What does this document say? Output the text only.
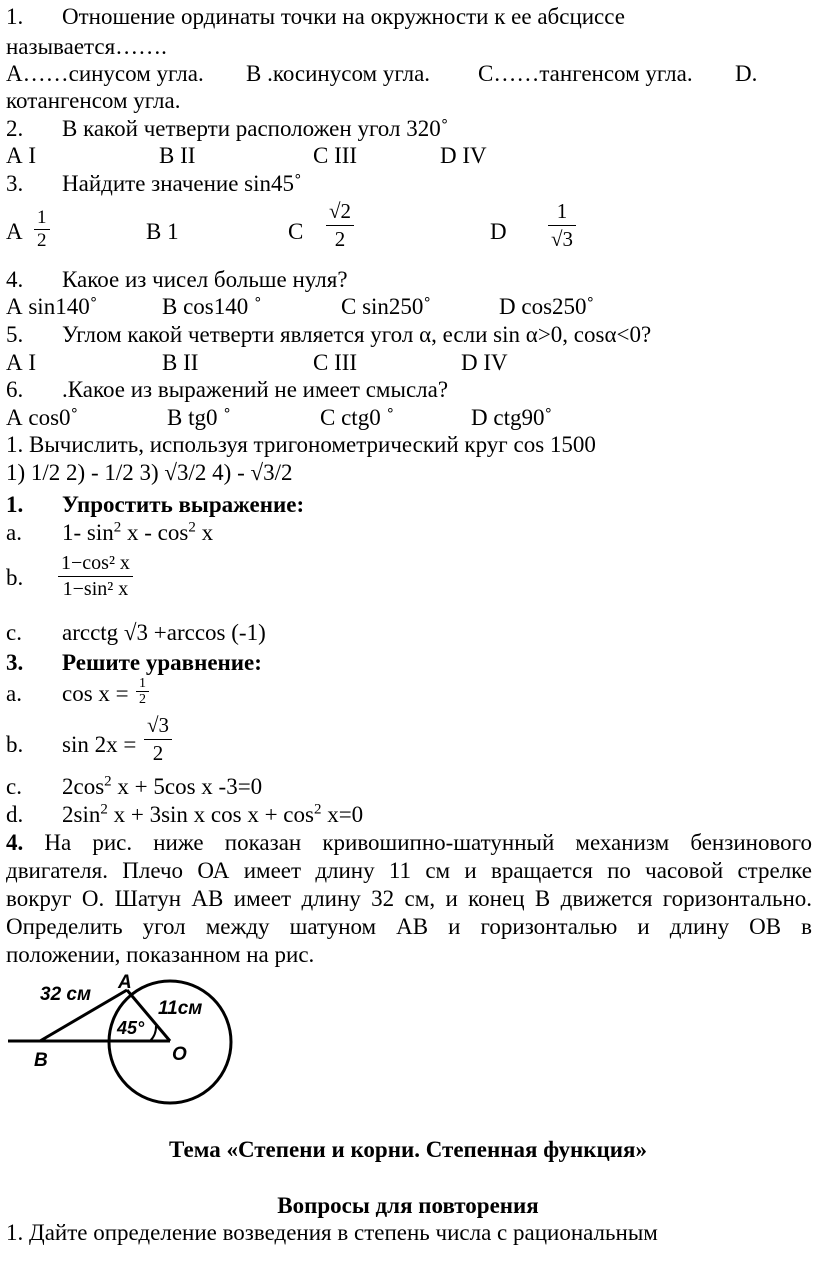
1. Отношение ординаты точки на окружности к ее абсциссе
называется…….
А……синусом угла. В .косинусом угла. С……тангенсом угла. D.
котангенсом угла.
2. В какой четверти расположен угол 320˚
А I	В II	С III	D IV
3. Найдите значение sin45˚
А $\frac{1}{2}$	В 1	С $\frac{√2}{2}$	D $\frac{1}{√3}$
4. Какое из чисел больше нуля?
А sin140˚	В cos140 ˚	С sin250˚	D cos250˚
5. Углом какой четверти является угол α, если sin α>0, cosα<0?
А I	В II	С III	D IV
6. .Какое из выражений не имеет смысла?
А cos0˚	В tg0 ˚	С ctg0 ˚	D ctg90˚
1. Вычислить, используя тригонометрический круг cos 1500
1) 1/2 2) - 1/2 3) √3/2 4) - √3/2
1. Упростить выражение:
a. 1- $\sin^2 x - \cos^2 x$
b. $\frac{\text{1−cos² x}}{\text{1−sin² x}}$
c. arcctg √3 +arccos (-1)
3. Решите уравнение:
a. $\cos x = \frac{1}{2}$
b. $\sin 2x = \frac{√3}{2}$
c. $2\cos^2$ x + 5cos x -3=0
d. $2\sin^2$ x + 3sin x $\cos x + \cos^2 x=0$
4. На рис. ниже показан кривошипно-шатунный механизм бензинового
двигателя. Плечо ОА имеет длину 11 см и вращается по часовой стрелке
вокруг О. Шатун АВ имеет длину 32 см, и конец В движется горизонтально.
Определить угол между шатуном АВ и горизонталью и длину ОВ в
положении, показанном на рис.
32 см
A
11см
45°
B	O
Тема «Степени и корни. Степенная функция»
Вопросы для повторения
1. Дайте определение возведения в степень числа с рациональным
